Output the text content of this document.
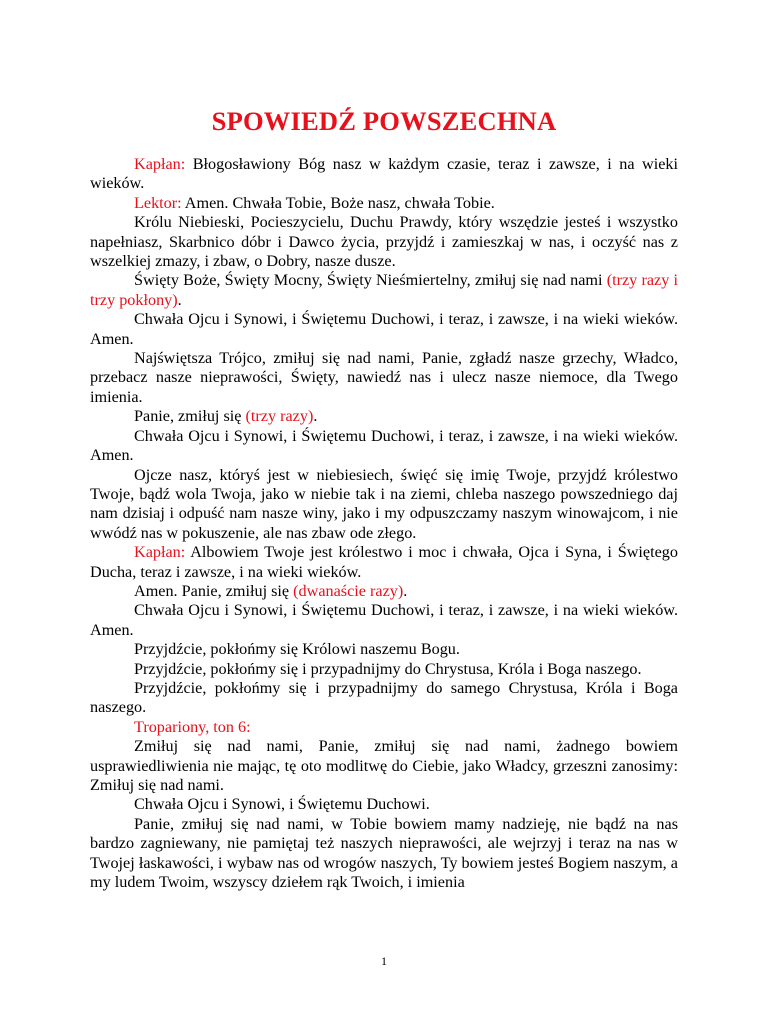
SPOWIEDŹ POWSZECHNA

Kapłan: Błogosławiony Bóg nasz w każdym czasie, teraz i zawsze, i na wieki wieków.

Lektor: Amen. Chwała Tobie, Boże nasz, chwała Tobie.

Królu Niebieski, Pocieszycielu, Duchu Prawdy, który wszędzie jesteś i wszystko napełniasz, Skarbnico dóbr i Dawco życia, przyjdź i zamieszkaj w nas, i oczyść nas z wszelkiej zmazy, i zbaw, o Dobry, nasze dusze.

Święty Boże, Święty Mocny, Święty Nieśmiertelny, zmiłuj się nad nami (trzy razy i trzy pokłony).

Chwała Ojcu i Synowi, i Świętemu Duchowi, i teraz, i zawsze, i na wieki wieków. Amen.

Najświętsza Trójco, zmiłuj się nad nami, Panie, zgładź nasze grzechy, Władco, przebacz nasze nieprawości, Święty, nawiedź nas i ulecz nasze niemoce, dla Twego imienia.

Panie, zmiłuj się (trzy razy).

Chwała Ojcu i Synowi, i Świętemu Duchowi, i teraz, i zawsze, i na wieki wieków. Amen.

Ojcze nasz, któryś jest w niebiesiech, święć się imię Twoje, przyjdź królestwo Twoje, bądź wola Twoja, jako w niebie tak i na ziemi, chleba naszego powszedniego daj nam dzisiaj i odpuść nam nasze winy, jako i my odpuszczamy naszym winowajcom, i nie wwódź nas w pokuszenie, ale nas zbaw ode złego.

Kapłan: Albowiem Twoje jest królestwo i moc i chwała, Ojca i Syna, i Świętego Ducha, teraz i zawsze, i na wieki wieków.

Amen. Panie, zmiłuj się (dwanaście razy).

Chwała Ojcu i Synowi, i Świętemu Duchowi, i teraz, i zawsze, i na wieki wieków. Amen.

Przyjdźcie, pokłońmy się Królowi naszemu Bogu.

Przyjdźcie, pokłońmy się i przypadnijmy do Chrystusa, Króla i Boga naszego.

Przyjdźcie, pokłońmy się i przypadnijmy do samego Chrystusa, Króla i Boga naszego.

Tropariony, ton 6:

Zmiłuj się nad nami, Panie, zmiłuj się nad nami, żadnego bowiem usprawiedliwienia nie mając, tę oto modlitwę do Ciebie, jako Władcy, grzeszni zanosimy: Zmiłuj się nad nami.

Chwała Ojcu i Synowi, i Świętemu Duchowi.

Panie, zmiłuj się nad nami, w Tobie bowiem mamy nadzieję, nie bądź na nas bardzo zagniewany, nie pamiętaj też naszych nieprawości, ale wejrzyj i teraz na nas w Twojej łaskawości, i wybaw nas od wrogów naszych, Ty bowiem jesteś Bogiem naszym, a my ludem Twoim, wszyscy dziełem rąk Twoich, i imienia

1
